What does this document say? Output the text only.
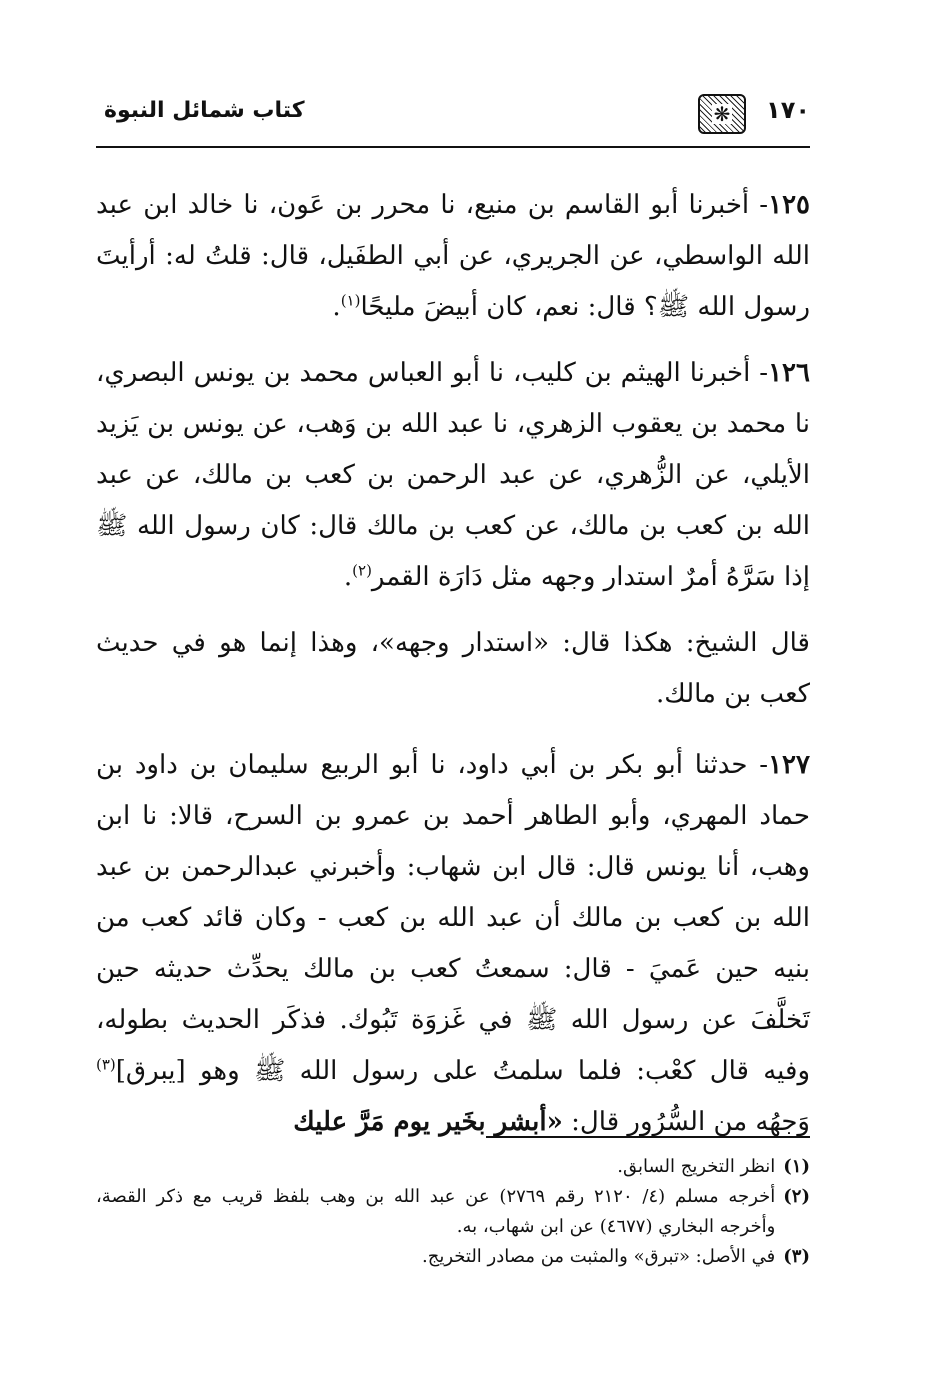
١٧٠
❋
كتاب شمائل النبوة

١٢٥- أخبرنا أبو القاسم بن منيع، نا محرر بن عَون، نا خالد ابن عبد الله الواسطي، عن الجريري، عن أبي الطفَيل، قال: قلتُ له: أرأيتَ رسول الله ﷺ؟ قال: نعم، كان أبيضَ مليحًا$^{(١)}$.

١٢٦- أخبرنا الهيثم بن كليب، نا أبو العباس محمد بن يونس البصري، نا محمد بن يعقوب الزهري، نا عبد الله بن وَهب، عن يونس بن يَزيد الأيلي، عن الزُّهري، عن عبد الرحمن بن كعب بن مالك، عن عبد الله بن كعب بن مالك، عن كعب بن مالك قال: كان رسول الله ﷺ إذا سَرَّهُ أمرٌ استدار وجهه مثل دَارَة القمر$^{(٢)}$.

قال الشيخ: هكذا قال: «استدار وجهه»، وهذا إنما هو في حديث كعب بن مالك.

١٢٧- حدثنا أبو بكر بن أبي داود، نا أبو الربيع سليمان بن داود بن حماد المهري، وأبو الطاهر أحمد بن عمرو بن السرح، قالا: نا ابن وهب، أنا يونس قال: قال ابن شهاب: وأخبرني عبدالرحمن بن عبد الله بن كعب بن مالك أن عبد الله بن كعب - وكان قائد كعب من بنيه حين عَميَ - قال: سمعتُ كعب بن مالك يحدِّث حديثه حين تَخلَّفَ عن رسول الله ﷺ في غَزوَة تَبُوك. فذكَر الحديث بطوله، وفيه قال كعْب: فلما سلمتُ على رسول الله ﷺ وهو [يبرق]$^{(٣)}$ وَجهُه من السُّرُور قال: «أبشر بخَير يوم مَرَّ عليك

(١)
انظر التخريج السابق.
(٢)
أخرجه مسلم (٤/ ٢١٢٠ رقم ٢٧٦٩) عن عبد الله بن وهب بلفظ قريب مع ذكر القصة، وأخرجه البخاري (٤٦٧٧) عن ابن شهاب، به.
(٣)
في الأصل: «تبرق» والمثبت من مصادر التخريج.
